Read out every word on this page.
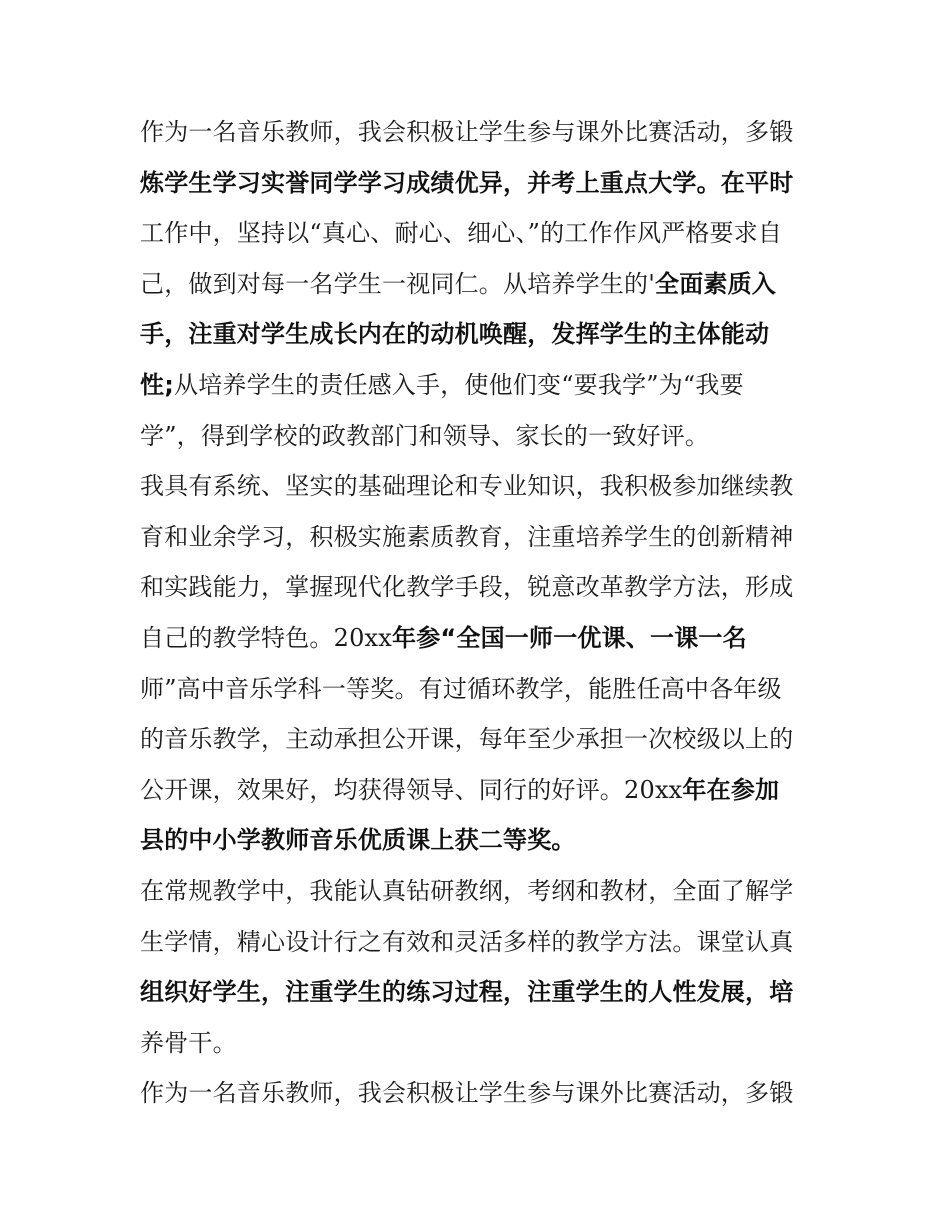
作为一名音乐教师，我会积极让学生参与课外比赛活动，多锻
炼学生学习实誉同学学习成绩优异，并考上重点大学。在平时
工作中，坚持以“真心、耐心、细心、”的工作作风严格要求自
己，做到对每一名学生一视同仁。从培养学生的'全面素质入
手，注重对学生成长内在的动机唤醒，发挥学生的主体能动
性;从培养学生的责任感入手，使他们变“要我学”为“我要
学”，得到学校的政教部门和领导、家长的一致好评。
我具有系统、坚实的基础理论和专业知识，我积极参加继续教
育和业余学习，积极实施素质教育，注重培养学生的创新精神
和实践能力，掌握现代化教学手段，锐意改革教学方法，形成
自己的教学特色。20xx年参“全国一师一优课、一课一名
师”高中音乐学科一等奖。有过循环教学，能胜任高中各年级
的音乐教学，主动承担公开课，每年至少承担一次校级以上的
公开课，效果好，均获得领导、同行的好评。20xx年在参加
县的中小学教师音乐优质课上获二等奖。
在常规教学中，我能认真钻研教纲，考纲和教材，全面了解学
生学情，精心设计行之有效和灵活多样的教学方法。课堂认真
组织好学生，注重学生的练习过程，注重学生的人性发展，培
养骨干。
作为一名音乐教师，我会积极让学生参与课外比赛活动，多锻
